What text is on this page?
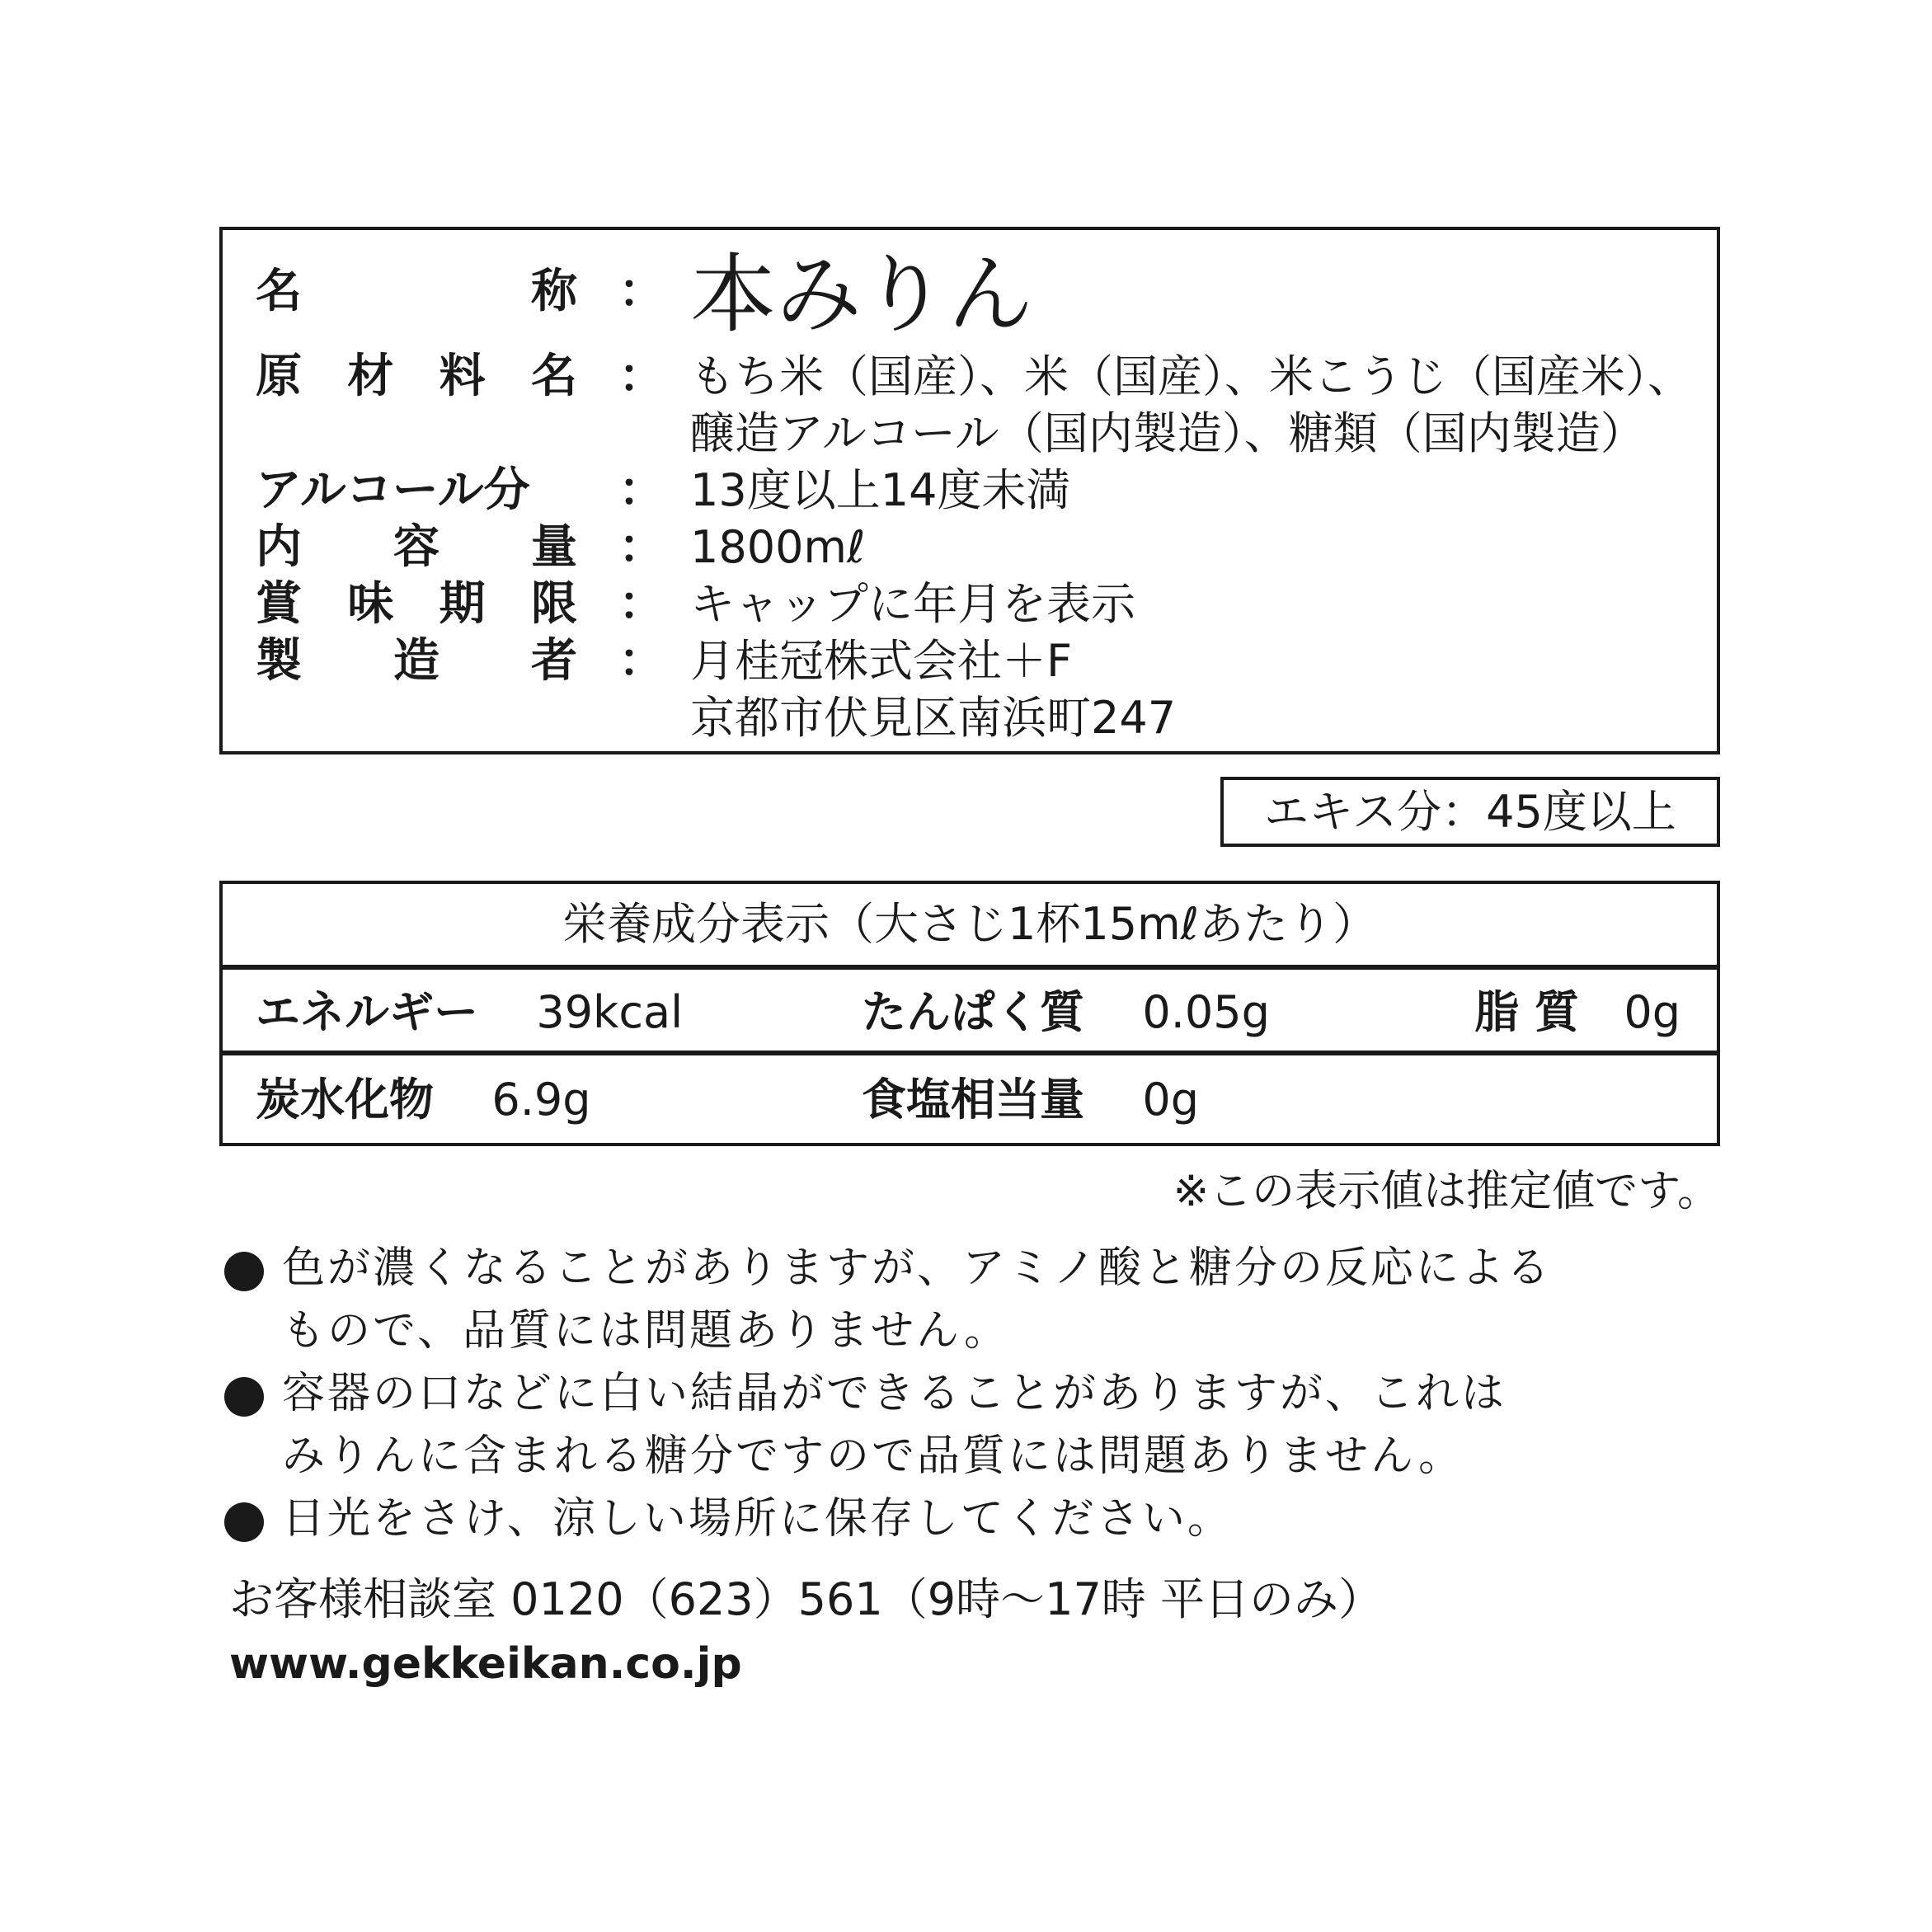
名	称 ： 本みりん
原 材 料 名 ： もち米（国産）、米（国産）、米こうじ（国産米）、
醸造アルコール（国内製造）、糖類（国内製造）
アルコール分	： 13度以上14度未満
内 容 量 ： 1800mℓ
賞 味 期 限 ： キャップに年月を表示
製 造 者 ： 月桂冠株式会社＋F
京都市伏見区南浜町247
エキス分：45度以上
栄養成分表示（大さじ1杯15mℓあたり）
エネルギー 39kcal	たんぱく質 0.05g	脂 質 0g
炭水化物 6.9g	食塩相当量 0g
※この表示値は推定値です。
色が濃くなることがありますが、アミノ酸と糖分の反応による
もので、品質には問題ありません。
容器の口などに白い結晶ができることがありますが、これは
みりんに含まれる糖分ですので品質には問題ありません。
日光をさけ、涼しい場所に保存してください。
お客様相談室 0120（623）561（9時〜17時 平日のみ）
www.gekkeikan.co.jp
